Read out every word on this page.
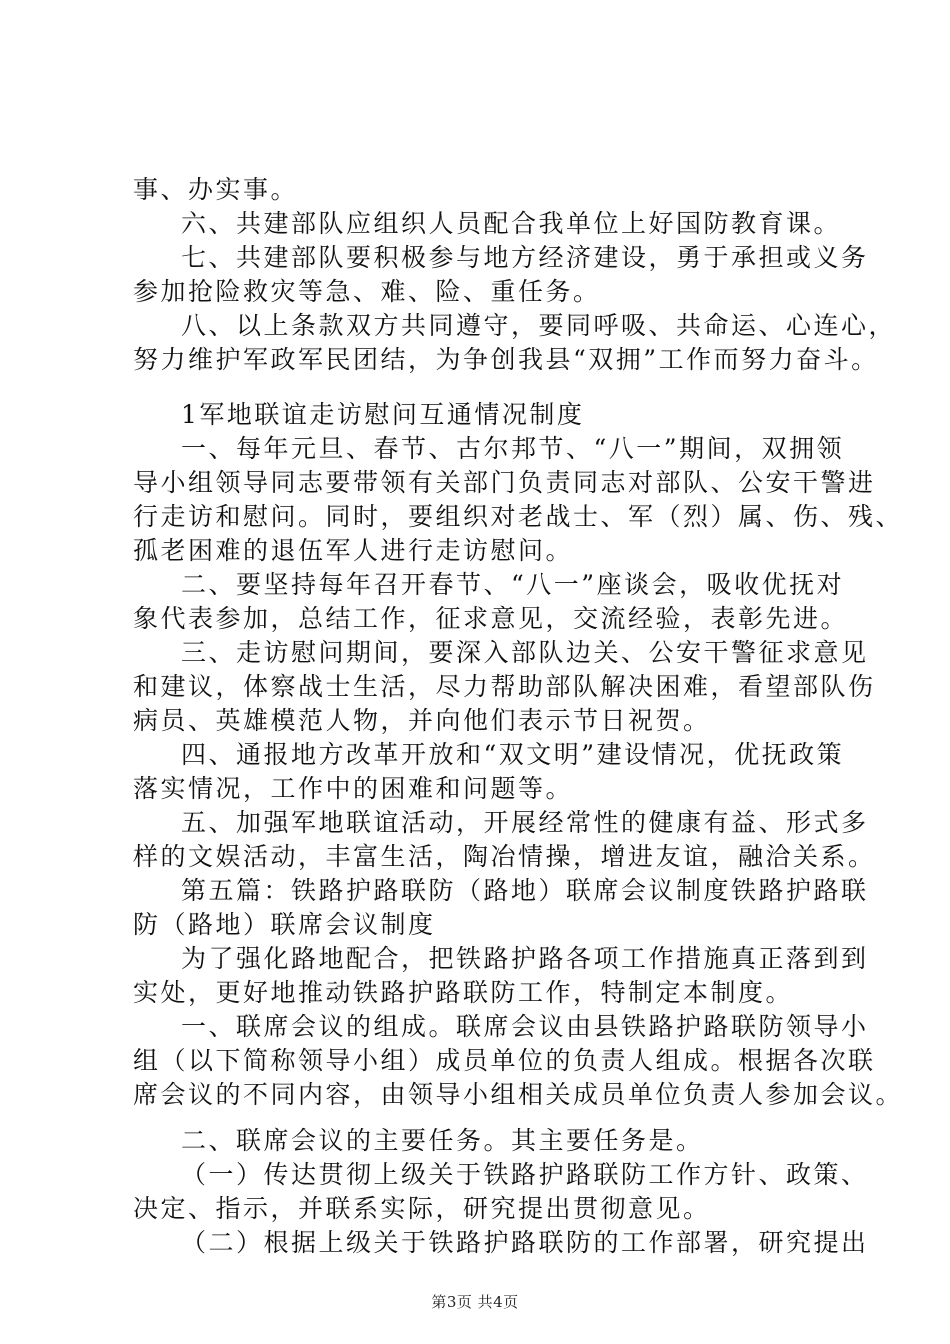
事、办实事。
六、共建部队应组织人员配合我单位上好国防教育课。
七、共建部队要积极参与地方经济建设，勇于承担或义务
参加抢险救灾等急、难、险、重任务。
八、以上条款双方共同遵守，要同呼吸、共命运、心连心，
努力维护军政军民团结，为争创我县“双拥”工作而努力奋斗。
1军地联谊走访慰问互通情况制度
一、每年元旦、春节、古尔邦节、“八一”期间，双拥领
导小组领导同志要带领有关部门负责同志对部队、公安干警进
行走访和慰问。同时，要组织对老战士、军（烈）属、伤、残、
孤老困难的退伍军人进行走访慰问。
二、要坚持每年召开春节、“八一”座谈会，吸收优抚对
象代表参加，总结工作，征求意见，交流经验，表彰先进。
三、走访慰问期间，要深入部队边关、公安干警征求意见
和建议，体察战士生活，尽力帮助部队解决困难，看望部队伤
病员、英雄模范人物，并向他们表示节日祝贺。
四、通报地方改革开放和“双文明”建设情况，优抚政策
落实情况，工作中的困难和问题等。
五、加强军地联谊活动，开展经常性的健康有益、形式多
样的文娱活动，丰富生活，陶冶情操，增进友谊，融洽关系。
第五篇：铁路护路联防（路地）联席会议制度铁路护路联
防（路地）联席会议制度
为了强化路地配合，把铁路护路各项工作措施真正落到到
实处，更好地推动铁路护路联防工作，特制定本制度。
一、联席会议的组成。联席会议由县铁路护路联防领导小
组（以下简称领导小组）成员单位的负责人组成。根据各次联
席会议的不同内容，由领导小组相关成员单位负责人参加会议。
二、联席会议的主要任务。其主要任务是。
（一）传达贯彻上级关于铁路护路联防工作方针、政策、
决定、指示，并联系实际，研究提出贯彻意见。
（二）根据上级关于铁路护路联防的工作部署，研究提出
第3页 共4页
